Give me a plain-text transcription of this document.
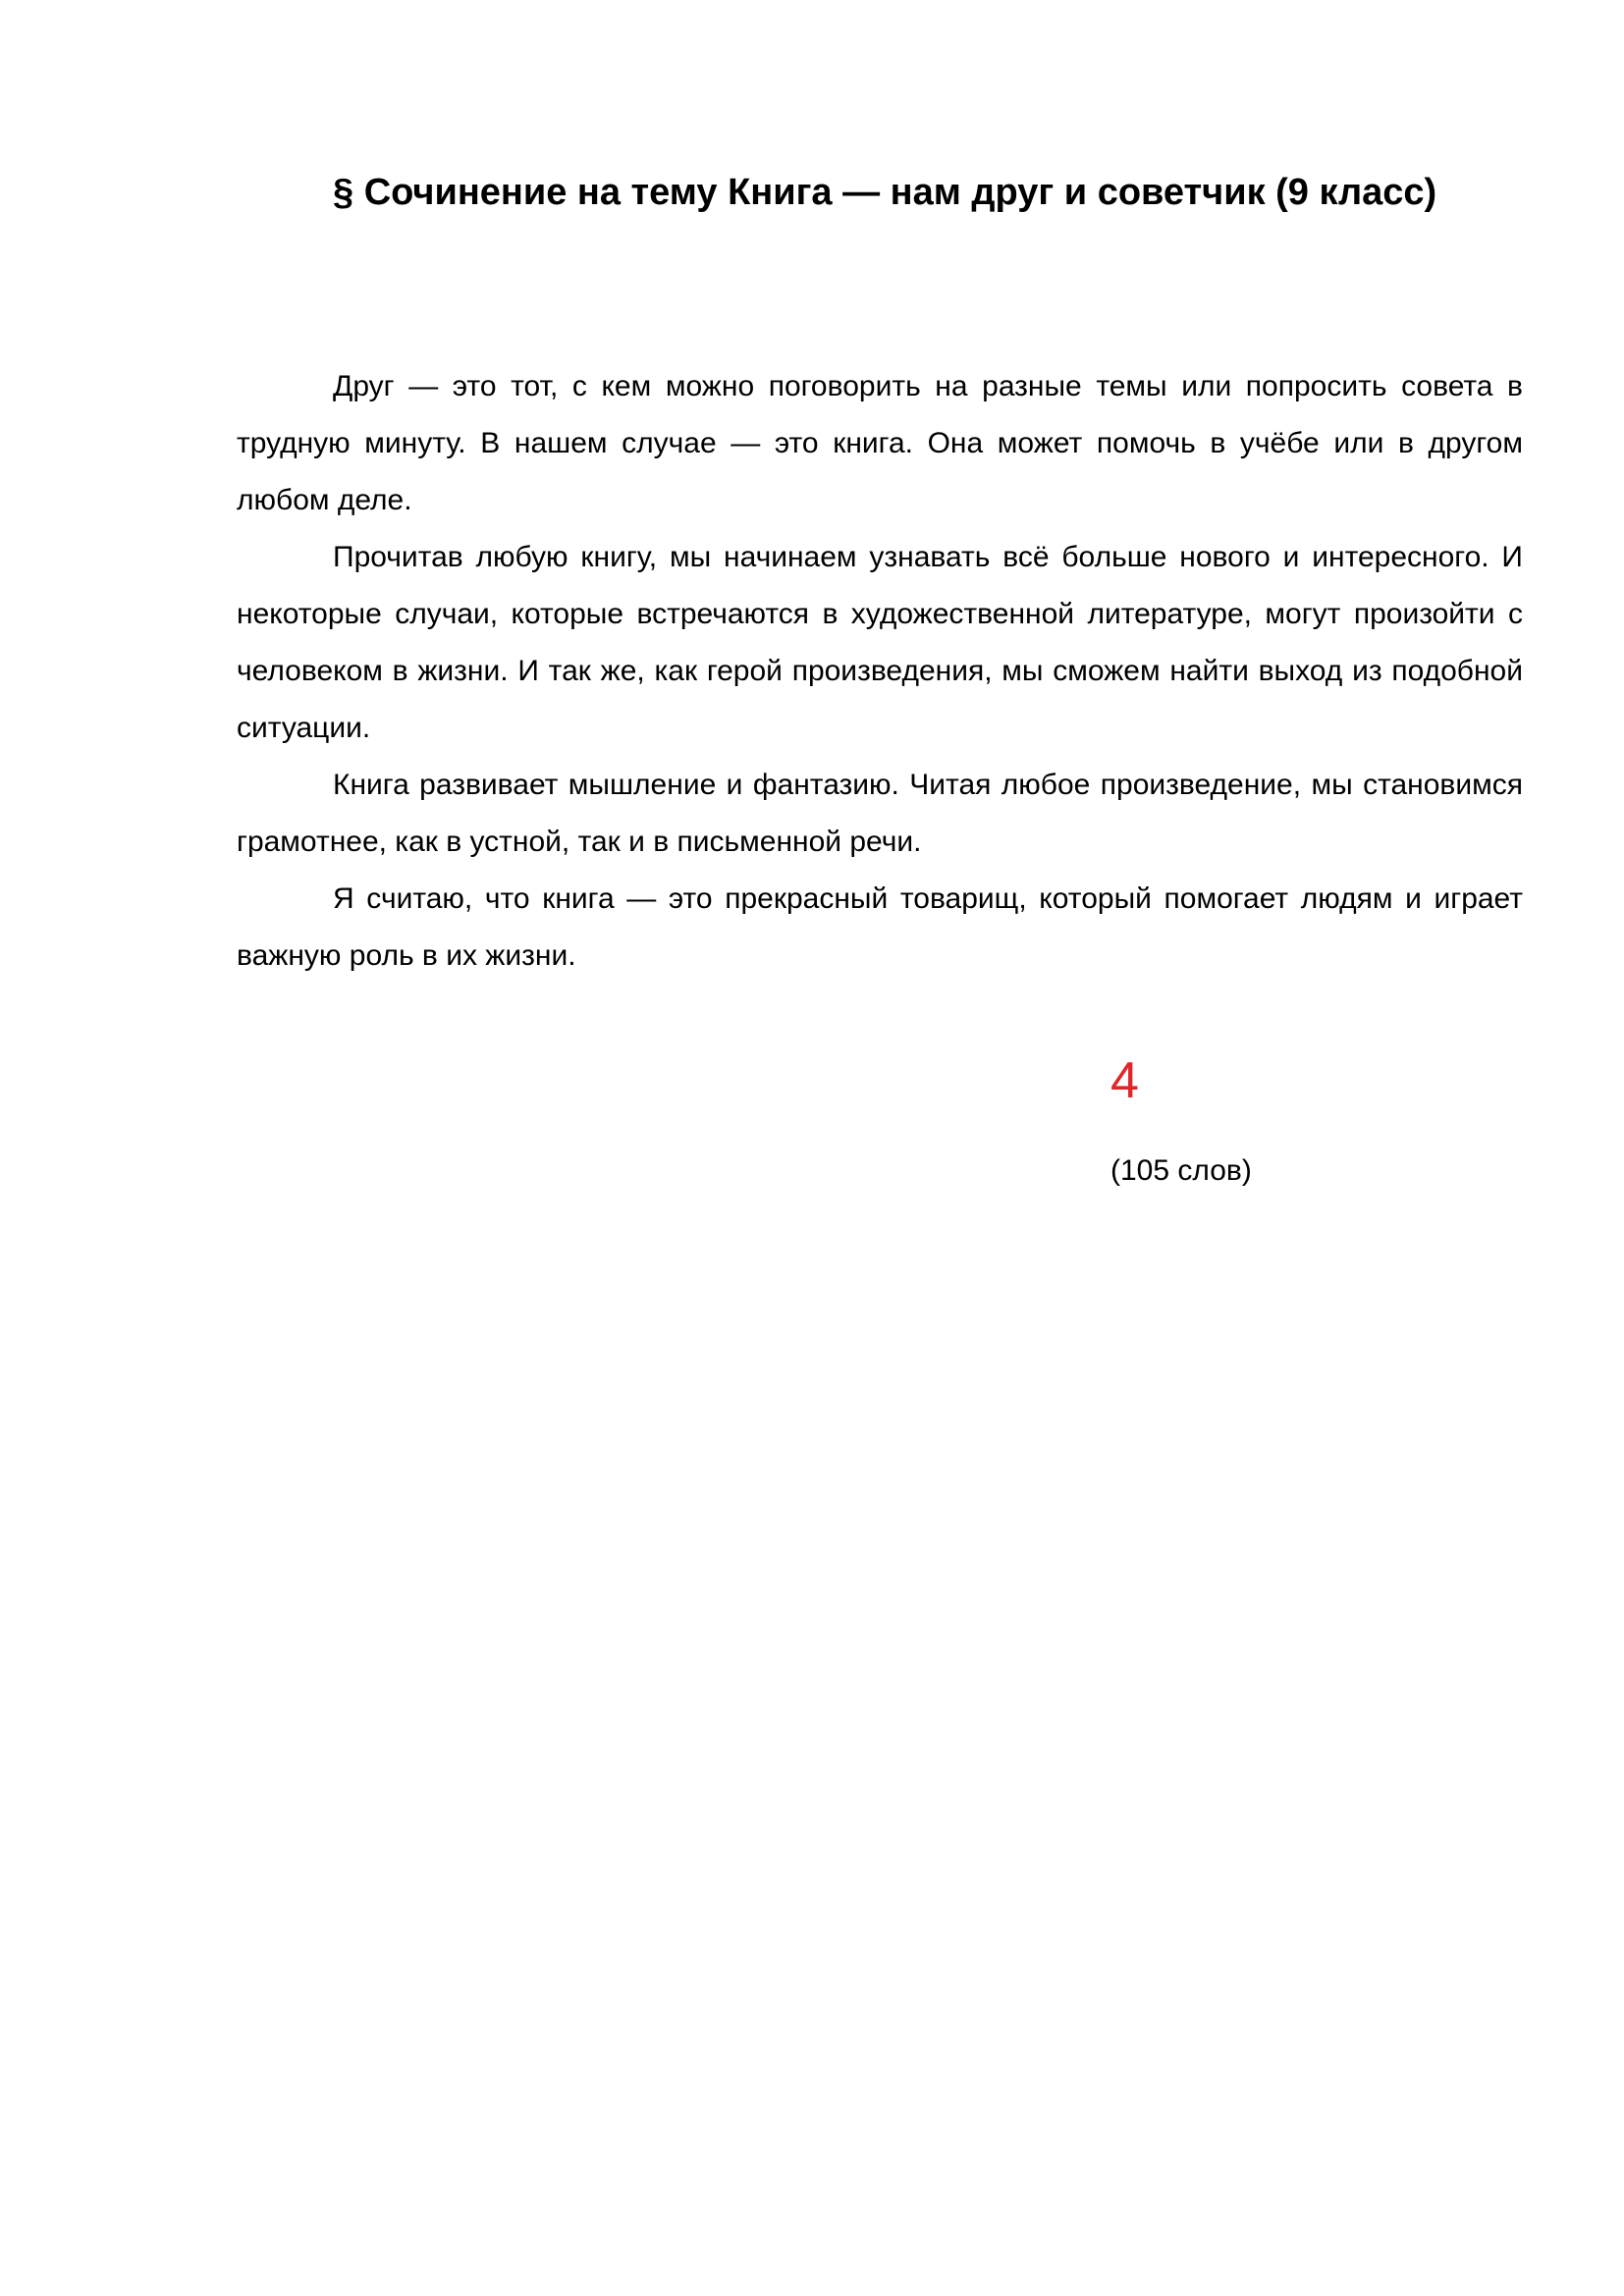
§ Сочинение на тему Книга — нам друг и советчик (9 класс)

Друг — это тот, с кем можно поговорить на разные темы или попросить совета в трудную минуту. В нашем случае — это книга. Она может помочь в учёбе или в другом любом деле.

Прочитав любую книгу, мы начинаем узнавать всё больше нового и интересного. И некоторые случаи, которые встречаются в художественной литературе, могут произойти с человеком в жизни. И так же, как герой произведения, мы сможем найти выход из подобной ситуации.

Книга развивает мышление и фантазию. Читая любое произведение, мы становимся грамотнее, как в устной, так и в письменной речи.

Я считаю, что книга — это прекрасный товарищ, который помогает людям и играет важную роль в их жизни.

4
(105 слов)
